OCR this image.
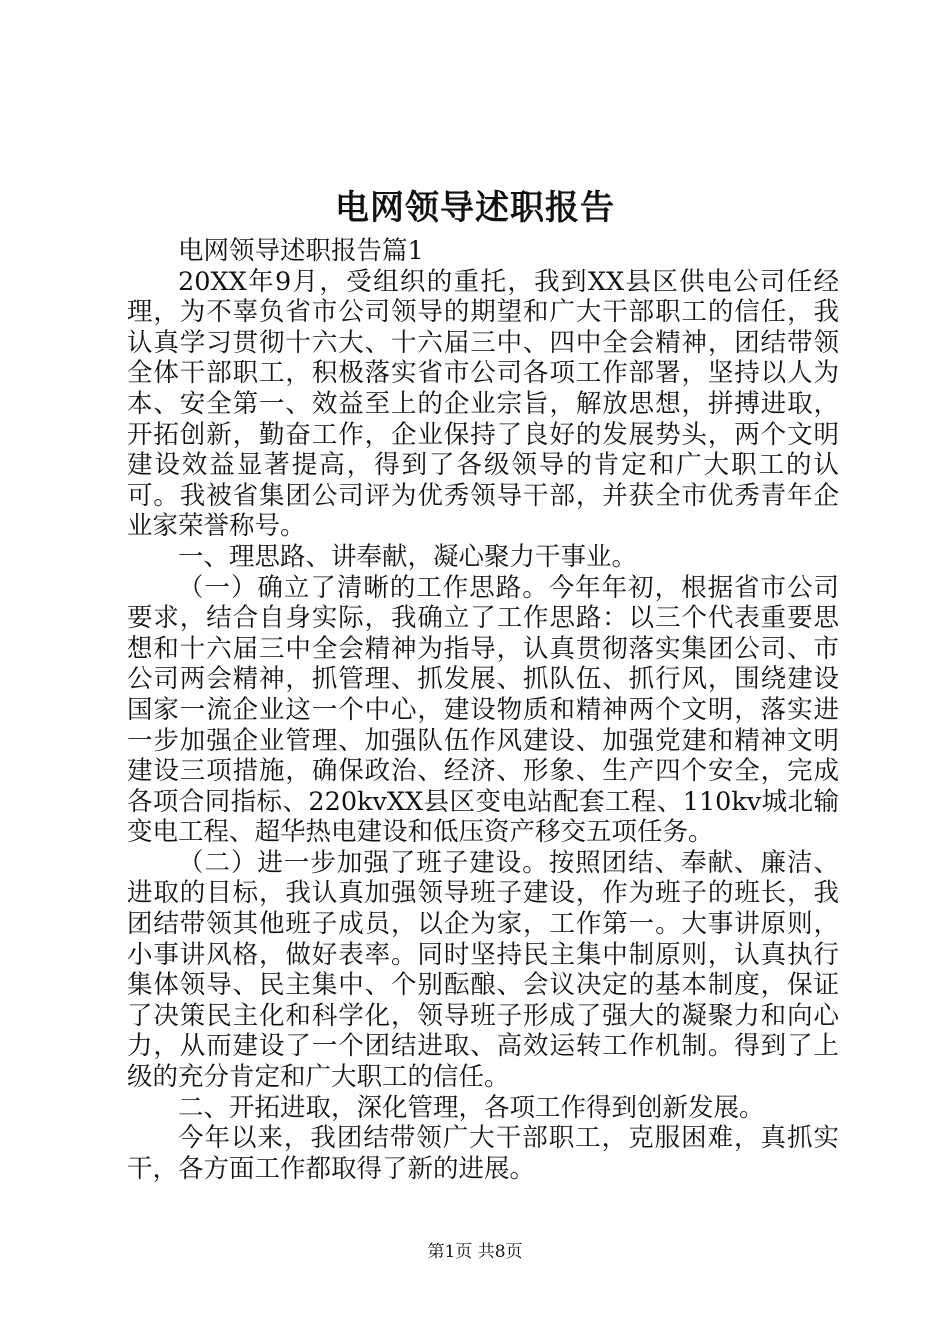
电网领导述职报告

电网领导述职报告篇1

20XX年9月，受组织的重托，我到XX县区供电公司任经理，为不辜负省市公司领导的期望和广大干部职工的信任，我认真学习贯彻十六大、十六届三中、四中全会精神，团结带领全体干部职工，积极落实省市公司各项工作部署，坚持以人为本、安全第一、效益至上的企业宗旨，解放思想，拼搏进取，开拓创新，勤奋工作，企业保持了良好的发展势头，两个文明建设效益显著提高，得到了各级领导的肯定和广大职工的认可。我被省集团公司评为优秀领导干部，并获全市优秀青年企业家荣誉称号。

一、理思路、讲奉献，凝心聚力干事业。

（一）确立了清晰的工作思路。今年年初，根据省市公司要求，结合自身实际，我确立了工作思路：以三个代表重要思想和十六届三中全会精神为指导，认真贯彻落实集团公司、市公司两会精神，抓管理、抓发展、抓队伍、抓行风，围绕建设国家一流企业这一个中心，建设物质和精神两个文明，落实进一步加强企业管理、加强队伍作风建设、加强党建和精神文明建设三项措施，确保政治、经济、形象、生产四个安全，完成各项合同指标、220kvXX县区变电站配套工程、110kv城北输变电工程、超华热电建设和低压资产移交五项任务。

（二）进一步加强了班子建设。按照团结、奉献、廉洁、进取的目标，我认真加强领导班子建设，作为班子的班长，我团结带领其他班子成员，以企为家，工作第一。大事讲原则，小事讲风格，做好表率。同时坚持民主集中制原则，认真执行集体领导、民主集中、个别酝酿、会议决定的基本制度，保证了决策民主化和科学化，领导班子形成了强大的凝聚力和向心力，从而建设了一个团结进取、高效运转工作机制。得到了上级的充分肯定和广大职工的信任。

二、开拓进取，深化管理，各项工作得到创新发展。

今年以来，我团结带领广大干部职工，克服困难，真抓实干，各方面工作都取得了新的进展。

第1页 共8页
